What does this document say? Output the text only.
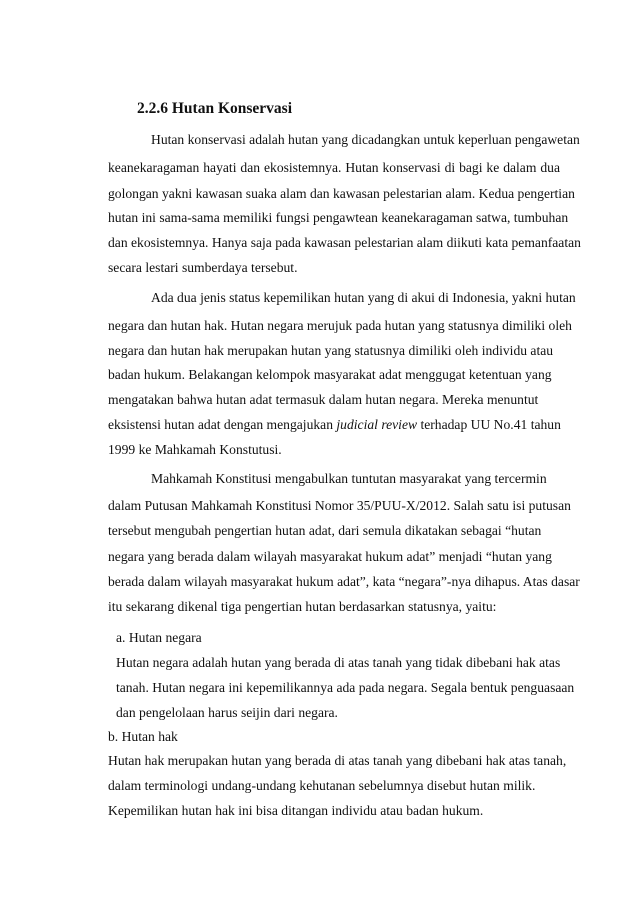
2.2.6 Hutan Konservasi
Hutan konservasi adalah hutan yang dicadangkan untuk keperluan pengawetan
keanekaragaman hayati dan ekosistemnya. Hutan konservasi di bagi ke dalam dua
golongan yakni kawasan suaka alam dan kawasan pelestarian alam. Kedua pengertian
hutan ini sama-sama memiliki fungsi pengawtean keanekaragaman satwa, tumbuhan
dan ekosistemnya. Hanya saja pada kawasan pelestarian alam diikuti kata pemanfaatan
secara lestari sumberdaya tersebut.
Ada dua jenis status kepemilikan hutan yang di akui di Indonesia, yakni hutan
negara dan hutan hak. Hutan negara merujuk pada hutan yang statusnya dimiliki oleh
negara dan hutan hak merupakan hutan yang statusnya dimiliki oleh individu atau
badan hukum. Belakangan kelompok masyarakat adat menggugat ketentuan yang
mengatakan bahwa hutan adat termasuk dalam hutan negara. Mereka menuntut
eksistensi hutan adat dengan mengajukan judicial review terhadap UU No.41 tahun
1999 ke Mahkamah Konstutusi.
Mahkamah Konstitusi mengabulkan tuntutan masyarakat yang tercermin
dalam Putusan Mahkamah Konstitusi Nomor 35/PUU-X/2012. Salah satu isi putusan
tersebut mengubah pengertian hutan adat, dari semula dikatakan sebagai “hutan
negara yang berada dalam wilayah masyarakat hukum adat” menjadi “hutan yang
berada dalam wilayah masyarakat hukum adat”, kata “negara”-nya dihapus. Atas dasar
itu sekarang dikenal tiga pengertian hutan berdasarkan statusnya, yaitu:
a. Hutan negara
Hutan negara adalah hutan yang berada di atas tanah yang tidak dibebani hak atas
tanah. Hutan negara ini kepemilikannya ada pada negara. Segala bentuk penguasaan
dan pengelolaan harus seijin dari negara.
b. Hutan hak
Hutan hak merupakan hutan yang berada di atas tanah yang dibebani hak atas tanah,
dalam terminologi undang-undang kehutanan sebelumnya disebut hutan milik.
Kepemilikan hutan hak ini bisa ditangan individu atau badan hukum.
